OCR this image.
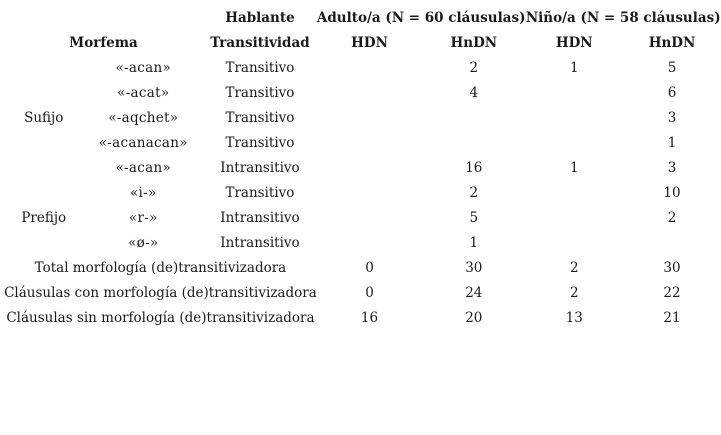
		Hablante	Adulto/a (N = 60 cláusulas)		Niño/a (N = 58 cláusulas)	
Morfema		Transitividad	HDN	HnDN	HDN	HnDN
Sufijo	«-acan»	Transitivo		2	1	5
	«-acat»	Transitivo		4		6
	«-aqchet»	Transitivo				3
	«-acanacan»	Transitivo				1
	«-acan»	Intransitivo		16	1	3
Prefijo	«i-»	Transitivo		2		10
	«r-»	Intransitivo		5		2
	«ø-»	Intransitivo		1		
Total morfología (de)transitivizadora			0	30	2	30
Cláusulas con morfología (de)transitivizadora			0	24	2	22
Cláusulas sin morfología (de)transitivizadora			16	20	13	21
